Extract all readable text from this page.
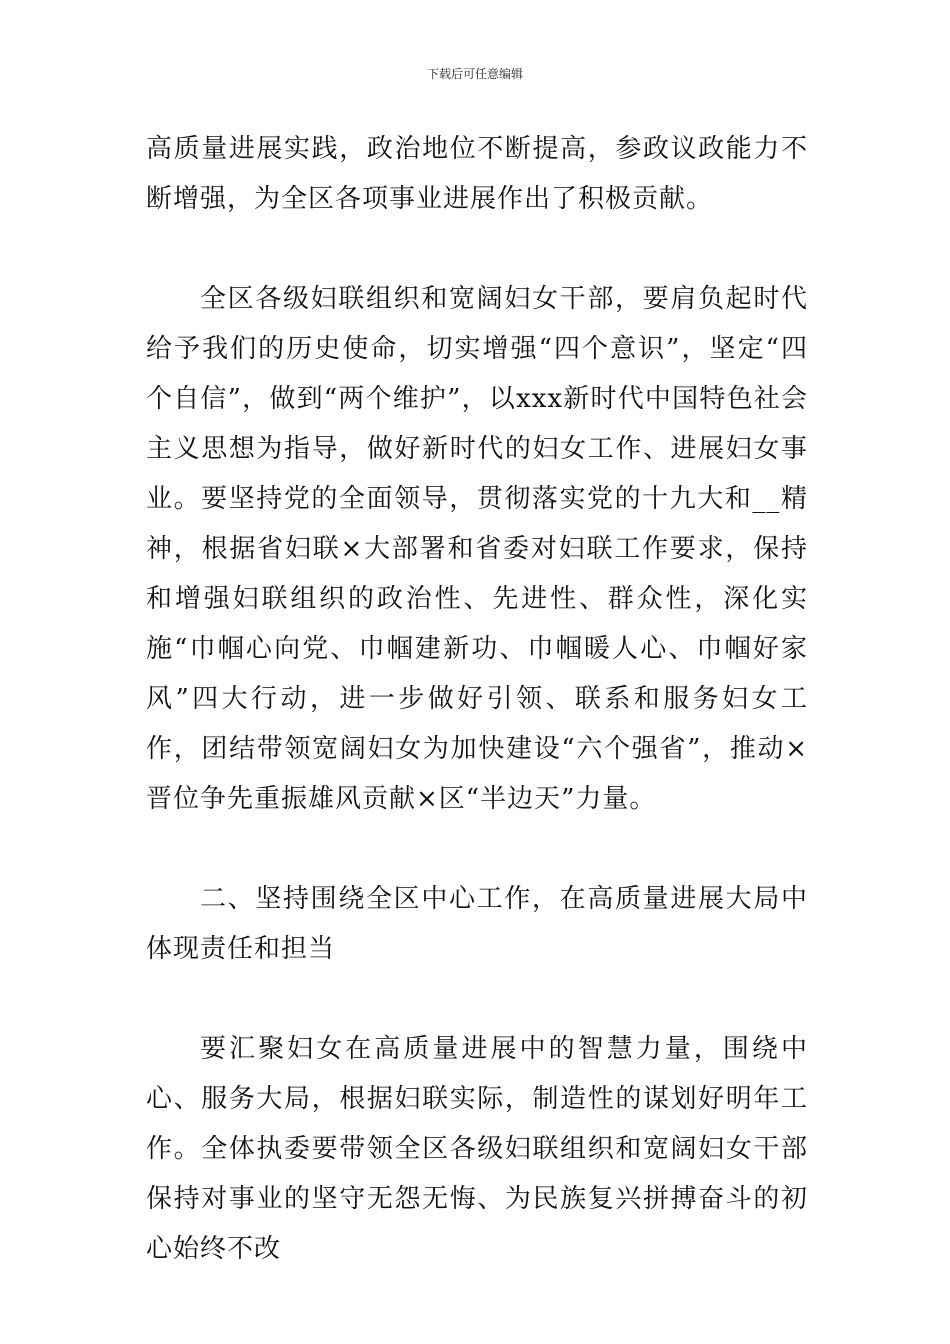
下载后可任意编辑

高质量进展实践，政治地位不断提高，参政议政能力不断增强，为全区各项事业进展作出了积极贡献。

全区各级妇联组织和宽阔妇女干部，要肩负起时代给予我们的历史使命，切实增强“四个意识”，坚定“四个自信”，做到“两个维护”，以xxx新时代中国特色社会主义思想为指导，做好新时代的妇女工作、进展妇女事业。要坚持党的全面领导，贯彻落实党的十九大和__精神，根据省妇联×大部署和省委对妇联工作要求，保持和增强妇联组织的政治性、先进性、群众性，深化实施“巾帼心向党、巾帼建新功、巾帼暖人心、巾帼好家风”四大行动，进一步做好引领、联系和服务妇女工作，团结带领宽阔妇女为加快建设“六个强省”，推动×晋位争先重振雄风贡献×区“半边天”力量。

二、坚持围绕全区中心工作，在高质量进展大局中体现责任和担当

要汇聚妇女在高质量进展中的智慧力量，围绕中心、服务大局，根据妇联实际，制造性的谋划好明年工作。全体执委要带领全区各级妇联组织和宽阔妇女干部保持对事业的坚守无怨无悔、为民族复兴拼搏奋斗的初心始终不改
